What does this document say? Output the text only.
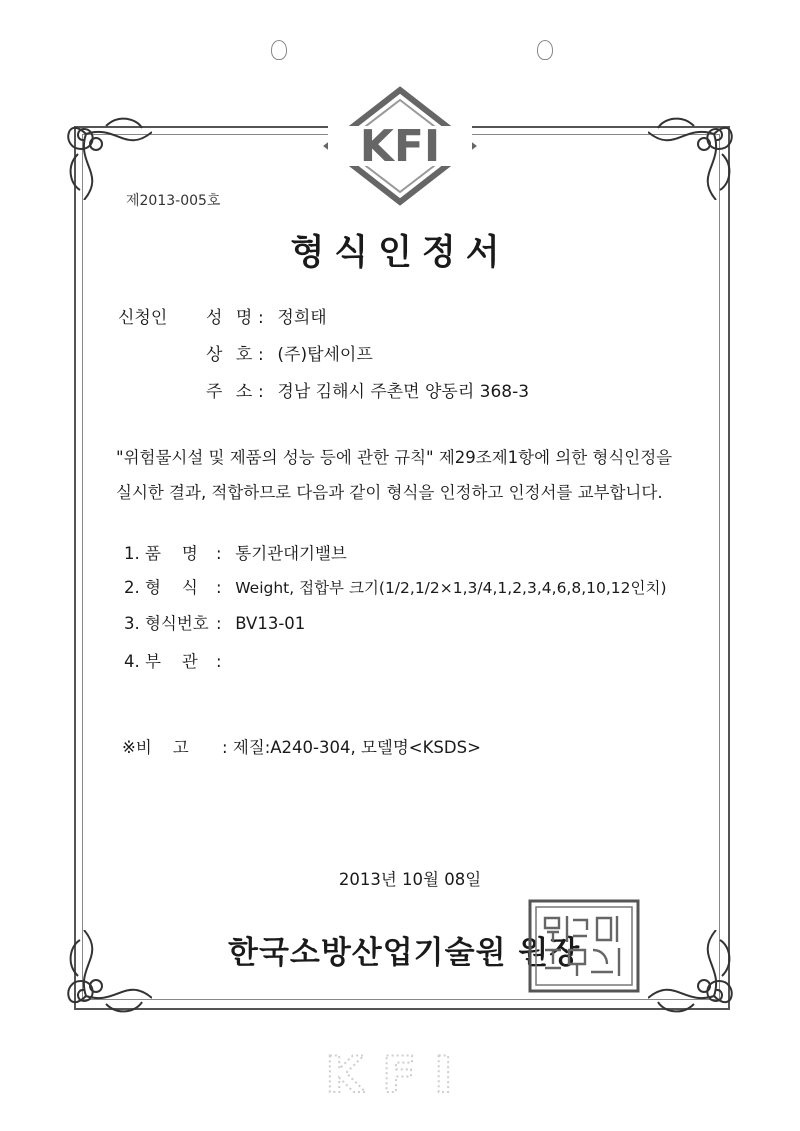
KFI
제2013-005호
형식인정서
신청인 성 명 : 정희태
상 호 : (주)탑세이프
주 소 : 경남 김해시 주촌면 양동리 368-3
"위험물시설 및 제품의 성능 등에 관한 규칙" 제29조제1항에 의한 형식인정을
실시한 결과, 적합하므로 다음과 같이 형식을 인정하고 인정서를 교부합니다.
1. 품    명 : 통기관대기밸브
2. 형    식 : Weight, 접합부 크기(1/2,1/2×1,3/4,1,2,3,4,6,8,10,12인치)
3. 형식번호 : BV13-01
4. 부    관 :
※비    고 : 제질:A240-304, 모델명<KSDS>
2013년 10월 08일
한국소방산업기술원 원장
KFI
